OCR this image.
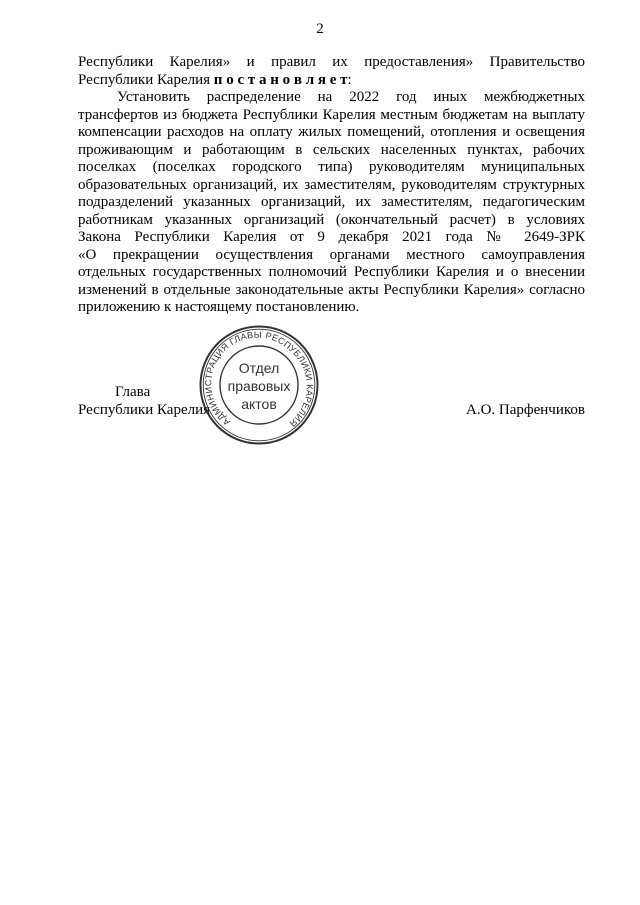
2
Республики Карелия» и правил их предоставления» Правительство
Республики Карелия п о с т а н о в л я е т:
Установить распределение на 2022 год иных межбюджетных
трансфертов из бюджета Республики Карелия местным бюджетам на выплату
компенсации расходов на оплату жилых помещений, отопления и освещения
проживающим и работающим в сельских населенных пунктах, рабочих
поселках (поселках городского типа) руководителям муниципальных
образовательных организаций, их заместителям, руководителям структурных
подразделений указанных организаций, их заместителям, педагогическим
работникам указанных организаций (окончательный расчет) в условиях
Закона Республики Карелия от 9 декабря 2021 года № 2649-ЗРК
«О прекращении осуществления органами местного самоуправления
отдельных государственных полномочий Республики Карелия и о внесении
изменений в отдельные законодательные акты Республики Карелия» согласно
приложению к настоящему постановлению.
Глава
Республики Карелия	А.О. Парфенчиков
АДМИНИСТРАЦИЯ ГЛАВЫ РЕСПУБЛИКИ КАРЕЛИЯ
Отдел
правовых
актов
